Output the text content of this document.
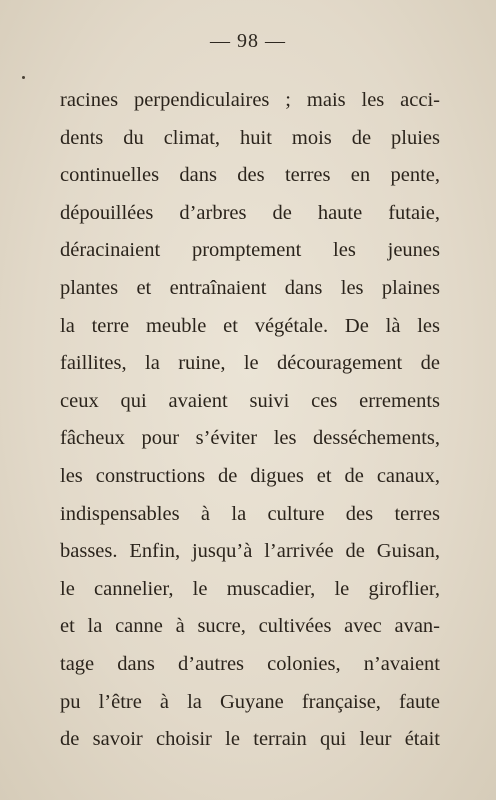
— 98 —
racines perpendiculaires ; mais les acci-
dents du climat, huit mois de pluies
continuelles dans des terres en pente,
dépouillées d’arbres de haute futaie,
déracinaient promptement les jeunes
plantes et entraînaient dans les plaines
la terre meuble et végétale. De là les
faillites, la ruine, le découragement de
ceux qui avaient suivi ces errements
fâcheux pour s’éviter les desséchements,
les constructions de digues et de canaux,
indispensables à la culture des terres
basses. Enfin, jusqu’à l’arrivée de Guisan,
le cannelier, le muscadier, le giroflier,
et la canne à sucre, cultivées avec avan-
tage dans d’autres colonies, n’avaient
pu l’être à la Guyane française, faute
de savoir choisir le terrain qui leur était
